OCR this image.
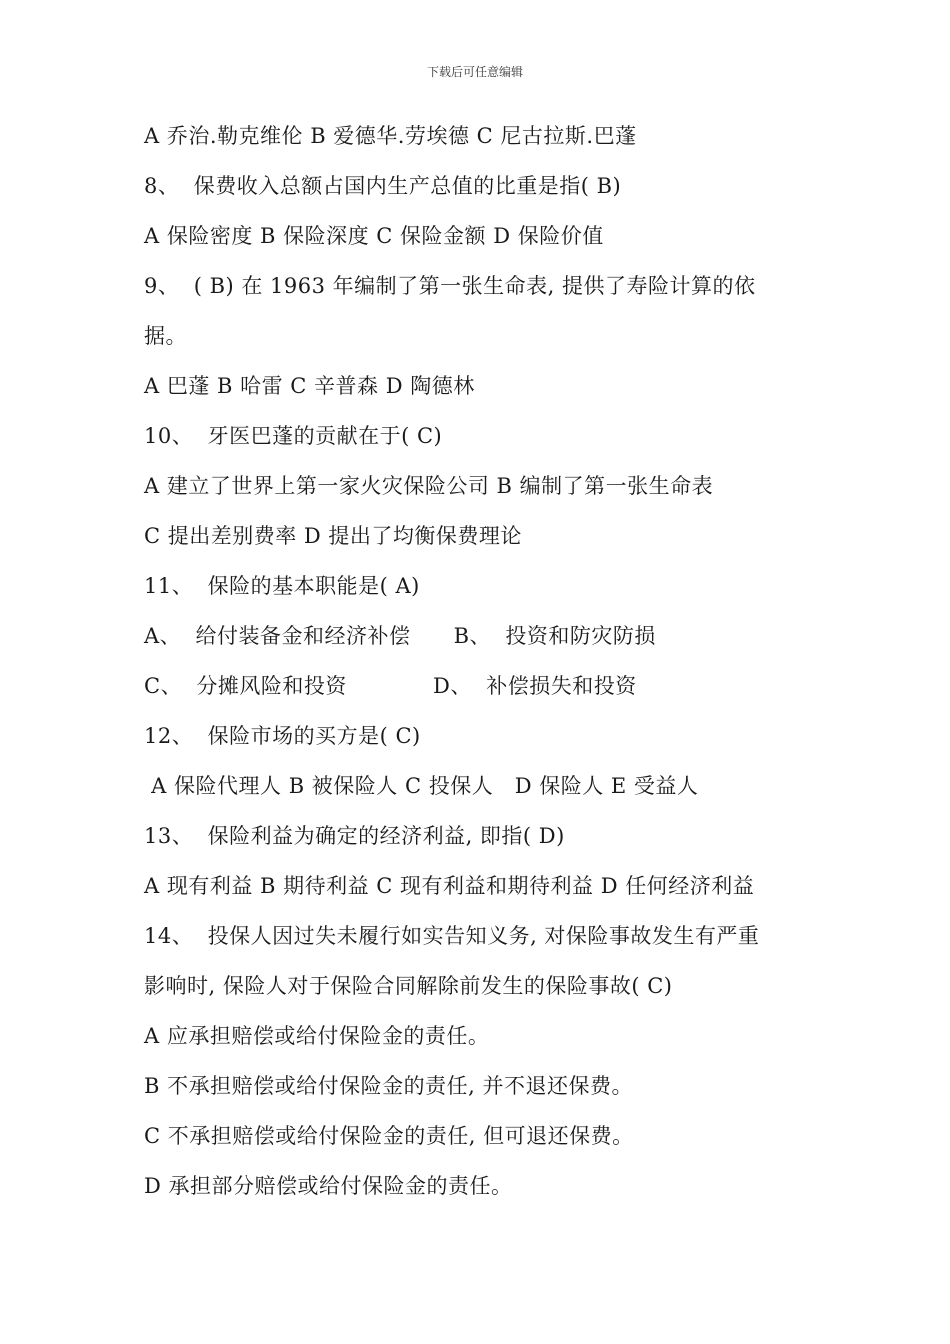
下载后可任意编辑
A 乔治.勒克维伦 B 爱德华.劳埃德 C 尼古拉斯.巴蓬
8、  保费收入总额占国内生产总值的比重是指( B)
A 保险密度 B 保险深度 C 保险金额 D 保险价值
9、  ( B) 在 1963 年编制了第一张生命表, 提供了寿险计算的依
据。
A 巴蓬 B 哈雷 C 辛普森 D 陶德林
10、  牙医巴蓬的贡献在于( C)
A 建立了世界上第一家火灾保险公司 B 编制了第一张生命表
C 提出差别费率 D 提出了均衡保费理论
11、  保险的基本职能是( A)
A、  给付装备金和经济补偿      B、  投资和防灾防损
C、  分摊风险和投资            D、  补偿损失和投资
12、  保险市场的买方是( C)
A 保险代理人 B 被保险人 C 投保人   D 保险人 E 受益人
13、  保险利益为确定的经济利益, 即指( D)
A 现有利益 B 期待利益 C 现有利益和期待利益 D 任何经济利益
14、  投保人因过失未履行如实告知义务, 对保险事故发生有严重
影响时, 保险人对于保险合同解除前发生的保险事故( C)
A 应承担赔偿或给付保险金的责任。
B 不承担赔偿或给付保险金的责任, 并不退还保费。
C 不承担赔偿或给付保险金的责任, 但可退还保费。
D 承担部分赔偿或给付保险金的责任。
